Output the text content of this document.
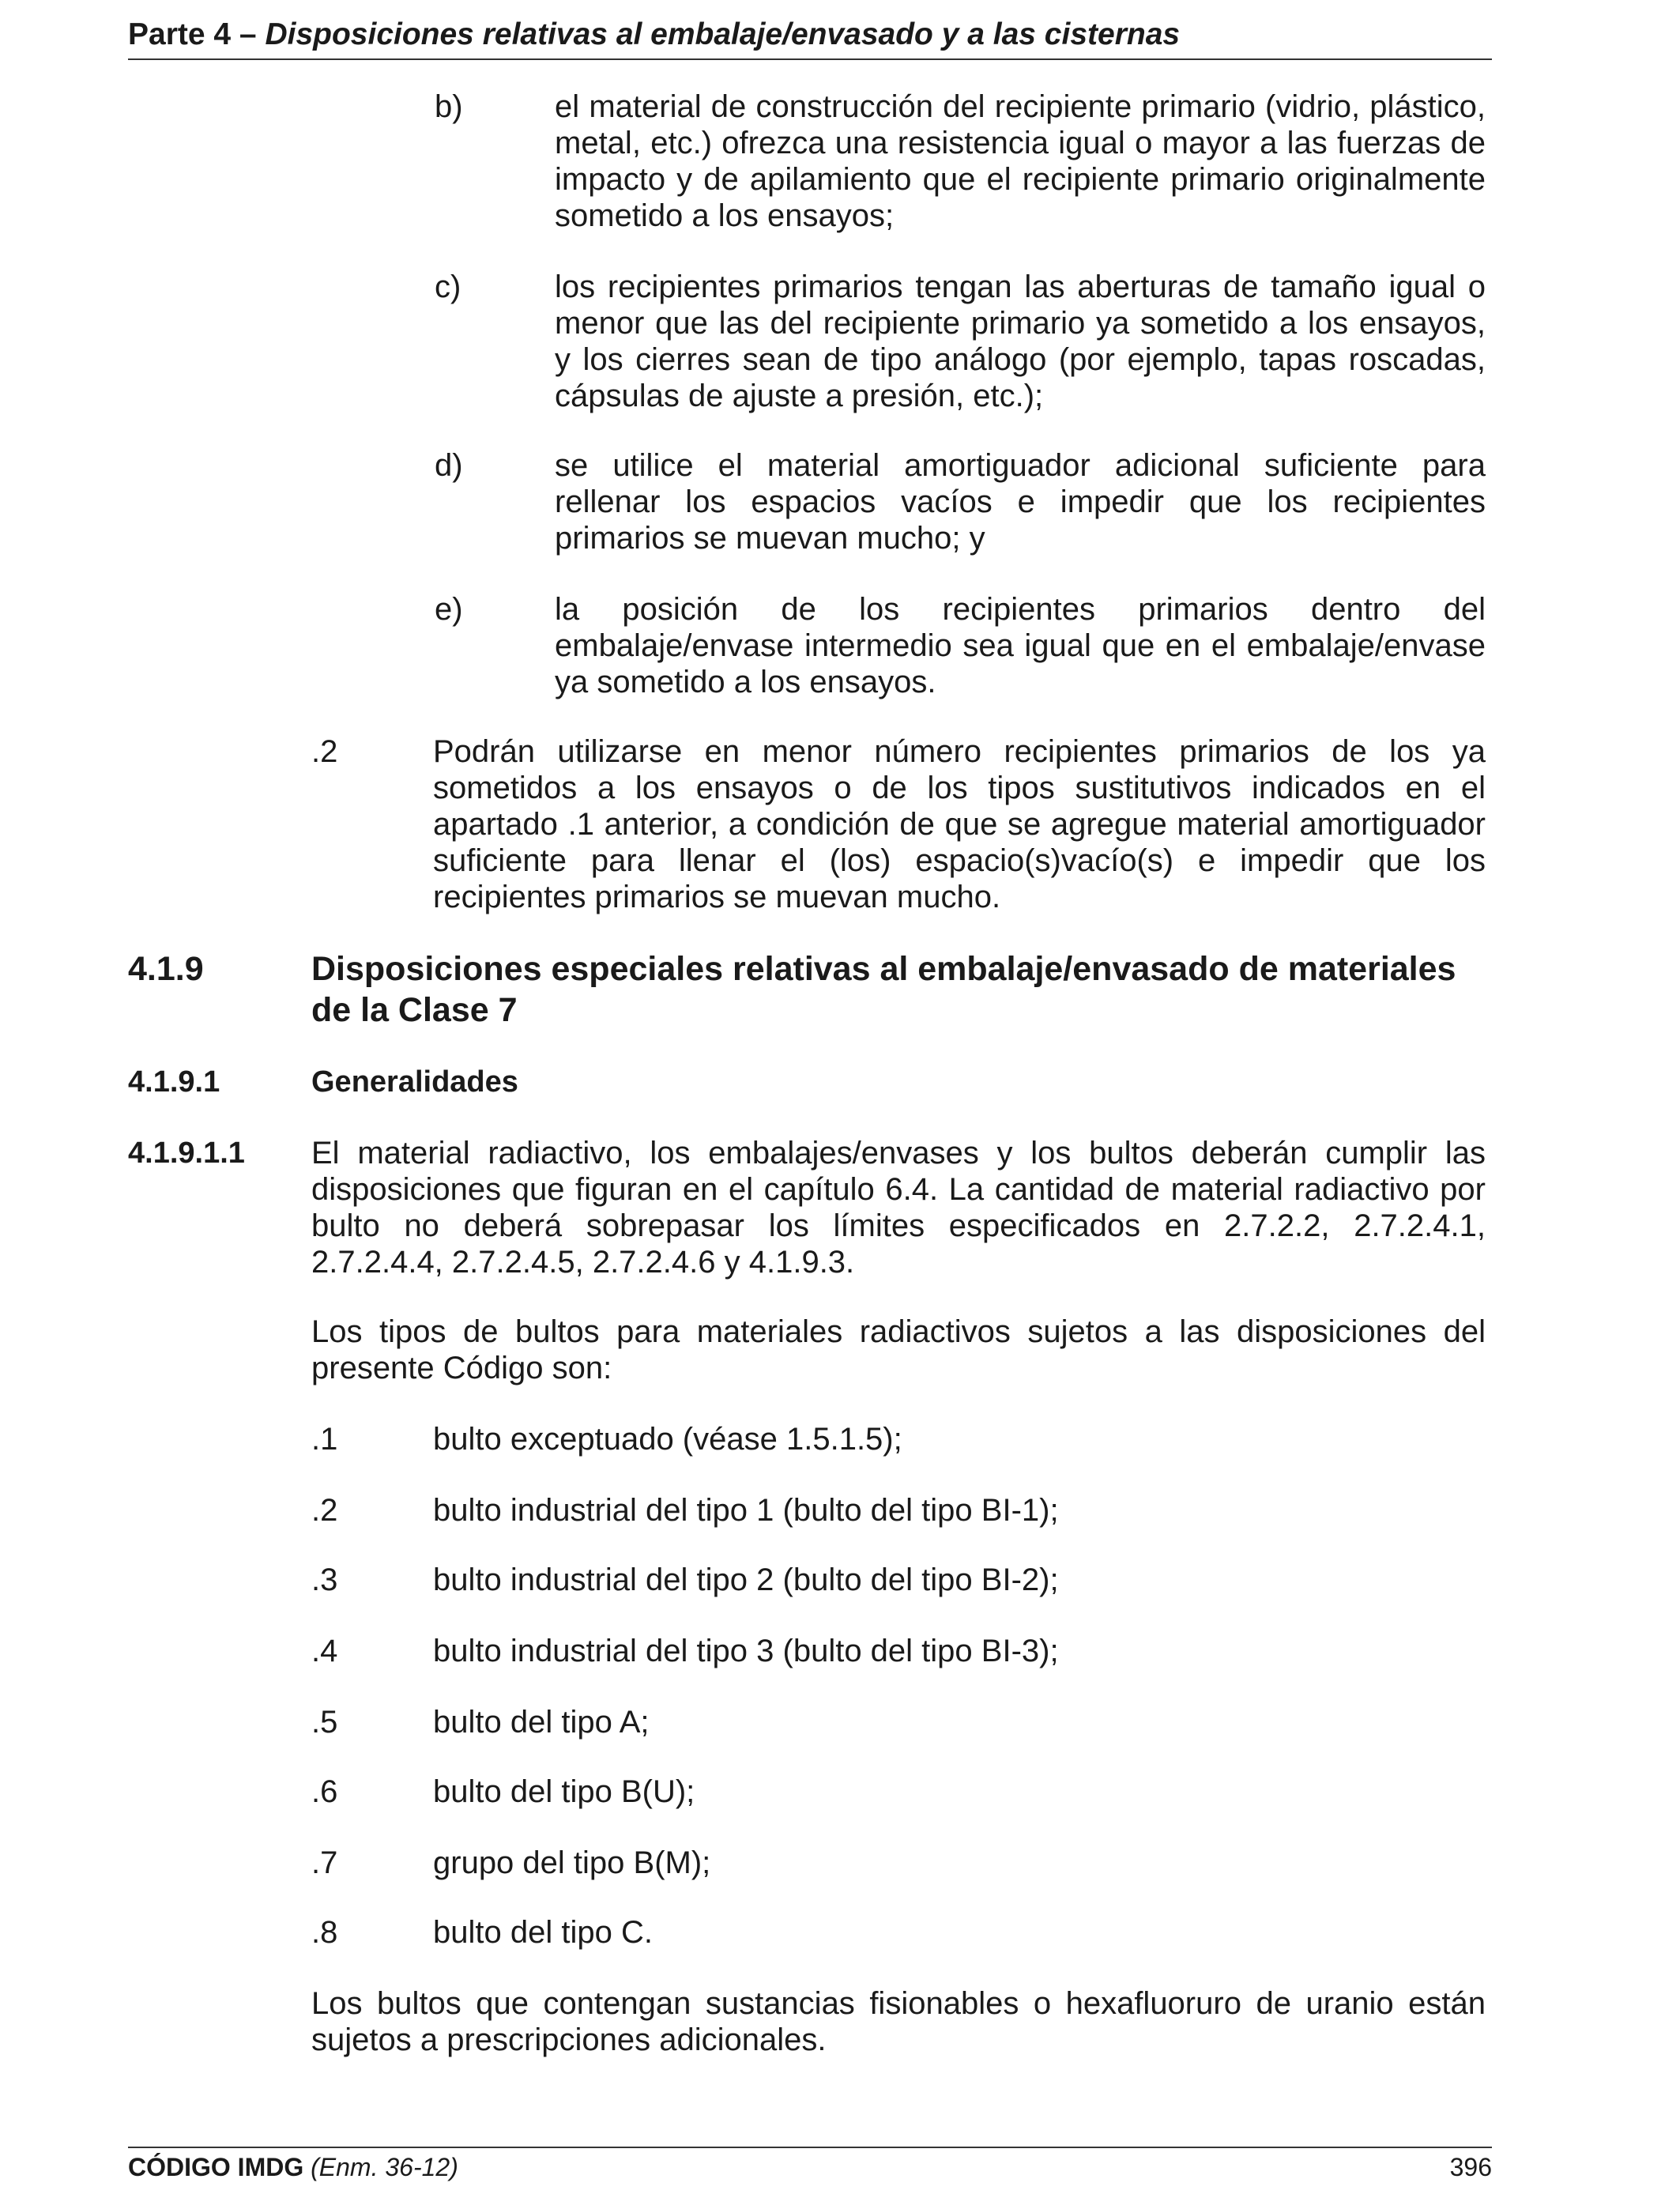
Parte 4 – Disposiciones relativas al embalaje/envasado y a las cisternas
b)	el material de construcción del recipiente primario (vidrio, plástico, metal, etc.) ofrezca una resistencia igual o mayor a las fuerzas de impacto y de apilamiento que el recipiente primario originalmente sometido a los ensayos;
c)	los recipientes primarios tengan las aberturas de tamaño igual o menor que las del recipiente primario ya sometido a los ensayos, y los cierres sean de tipo análogo (por ejemplo, tapas roscadas, cápsulas de ajuste a presión, etc.);
d)	se utilice el material amortiguador adicional suficiente para rellenar los espacios vacíos e impedir que los recipientes primarios se muevan mucho; y
e)	la posición de los recipientes primarios dentro del embalaje/envase intermedio sea igual que en el embalaje/envase ya sometido a los ensayos.
.2	Podrán utilizarse en menor número recipientes primarios de los ya sometidos a los ensayos o de los tipos sustitutivos indicados en el apartado .1 anterior, a condición de que se agregue material amortiguador suficiente para llenar el (los) espacio(s)vacío(s) e impedir que los recipientes primarios se muevan mucho.
4.1.9	Disposiciones especiales relativas al embalaje/envasado de materiales de la Clase 7
4.1.9.1	Generalidades
4.1.9.1.1 El material radiactivo, los embalajes/envases y los bultos deberán cumplir las disposiciones que figuran en el capítulo 6.4. La cantidad de material radiactivo por bulto no deberá sobrepasar los límites especificados en 2.7.2.2, 2.7.2.4.1, 2.7.2.4.4, 2.7.2.4.5, 2.7.2.4.6 y 4.1.9.3.
Los tipos de bultos para materiales radiactivos sujetos a las disposiciones del presente Código son:
.1	bulto exceptuado (véase 1.5.1.5);
.2	bulto industrial del tipo 1 (bulto del tipo BI-1);
.3	bulto industrial del tipo 2 (bulto del tipo BI-2);
.4	bulto industrial del tipo 3 (bulto del tipo BI-3);
.5	bulto del tipo A;
.6	bulto del tipo B(U);
.7	grupo del tipo B(M);
.8	bulto del tipo C.
Los bultos que contengan sustancias fisionables o hexafluoruro de uranio están sujetos a prescripciones adicionales.
CÓDIGO IMDG (Enm. 36-12)	396
